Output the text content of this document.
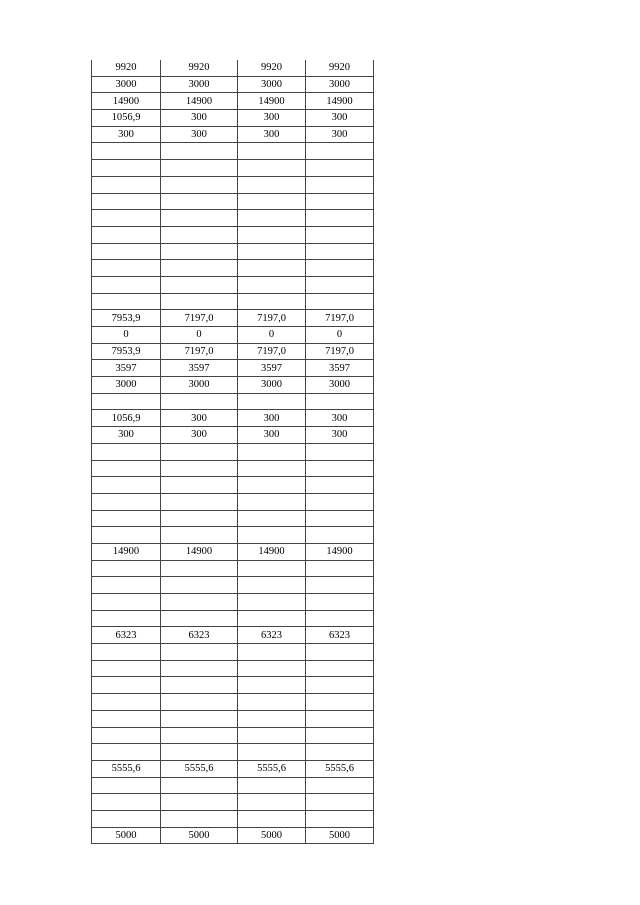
9920	9920	9920	9920
3000	3000	3000	3000
14900	14900	14900	14900
1056,9	300	300	300
300	300	300	300

7953,9	7197,0	7197,0	7197,0
0	0	0	0
7953,9	7197,0	7197,0	7197,0
3597	3597	3597	3597
3000	3000	3000	3000

1056,9	300	300	300
300	300	300	300

14900	14900	14900	14900

6323	6323	6323	6323

5555,6	5555,6	5555,6	5555,6

5000	5000	5000	5000
